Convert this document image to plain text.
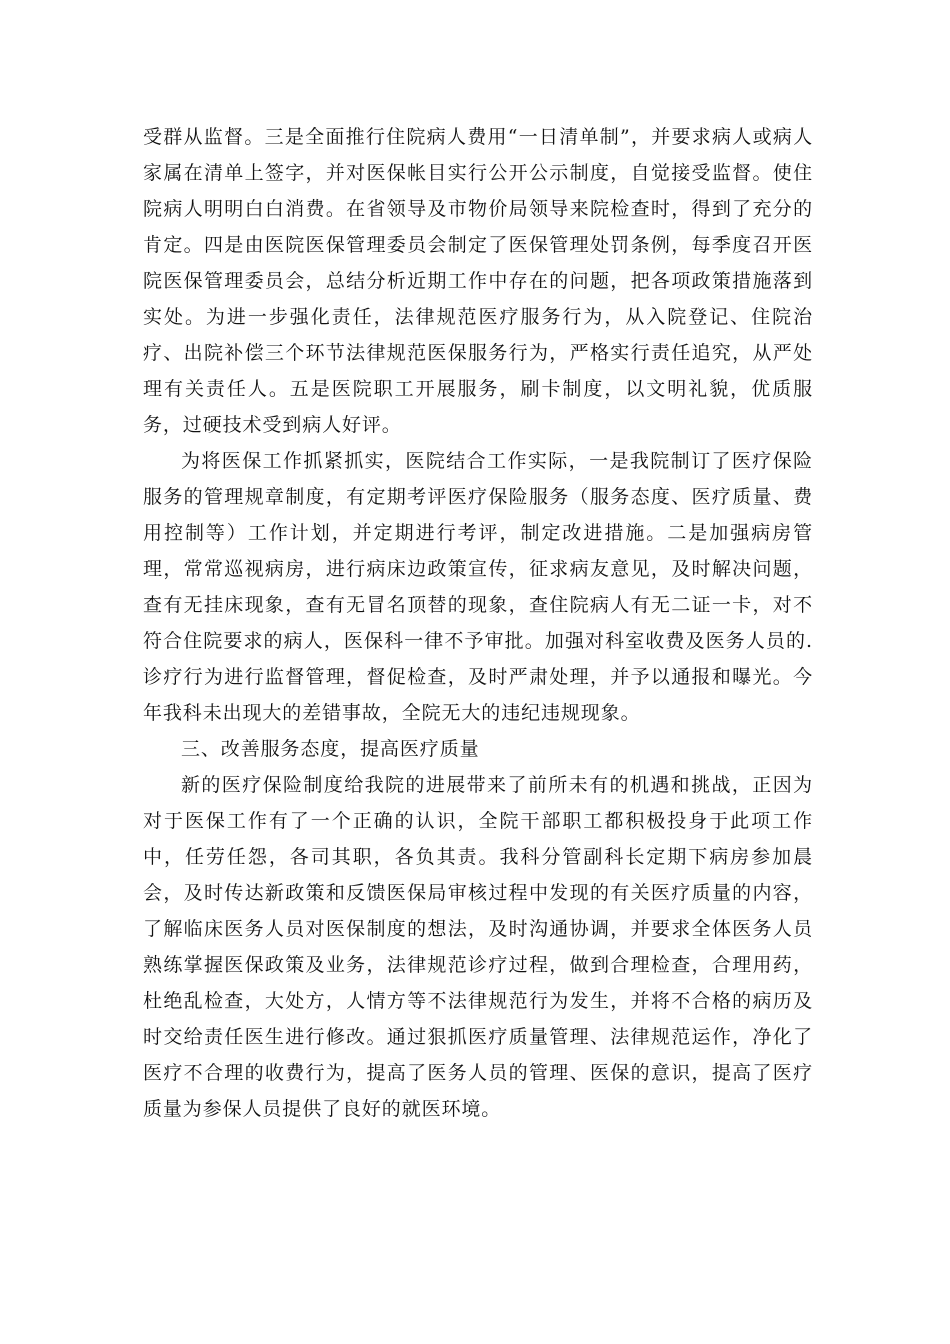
受群从监督。三是全面推行住院病人费用“一日清单制”，并要求病人或病人家属在清单上签字，并对医保帐目实行公开公示制度，自觉接受监督。使住院病人明明白白消费。在省领导及市物价局领导来院检查时，得到了充分的肯定。四是由医院医保管理委员会制定了医保管理处罚条例，每季度召开医院医保管理委员会，总结分析近期工作中存在的问题，把各项政策措施落到实处。为进一步强化责任，法律规范医疗服务行为，从入院登记、住院治疗、出院补偿三个环节法律规范医保服务行为，严格实行责任追究，从严处理有关责任人。五是医院职工开展服务，刷卡制度，以文明礼貌，优质服务，过硬技术受到病人好评。

为将医保工作抓紧抓实，医院结合工作实际，一是我院制订了医疗保险服务的管理规章制度，有定期考评医疗保险服务（服务态度、医疗质量、费用控制等）工作计划，并定期进行考评，制定改进措施。二是加强病房管理，常常巡视病房，进行病床边政策宣传，征求病友意见，及时解决问题，查有无挂床现象，查有无冒名顶替的现象，查住院病人有无二证一卡，对不符合住院要求的病人，医保科一律不予审批。加强对科室收费及医务人员的.诊疗行为进行监督管理，督促检查，及时严肃处理，并予以通报和曝光。今年我科未出现大的差错事故，全院无大的违纪违规现象。

三、改善服务态度，提高医疗质量

新的医疗保险制度给我院的进展带来了前所未有的机遇和挑战，正因为对于医保工作有了一个正确的认识，全院干部职工都积极投身于此项工作中，任劳任怨，各司其职，各负其责。我科分管副科长定期下病房参加晨会，及时传达新政策和反馈医保局审核过程中发现的有关医疗质量的内容，了解临床医务人员对医保制度的想法，及时沟通协调，并要求全体医务人员熟练掌握医保政策及业务，法律规范诊疗过程，做到合理检查，合理用药，杜绝乱检查，大处方，人情方等不法律规范行为发生，并将不合格的病历及时交给责任医生进行修改。通过狠抓医疗质量管理、法律规范运作，净化了医疗不合理的收费行为，提高了医务人员的管理、医保的意识，提高了医疗质量为参保人员提供了良好的就医环境。
